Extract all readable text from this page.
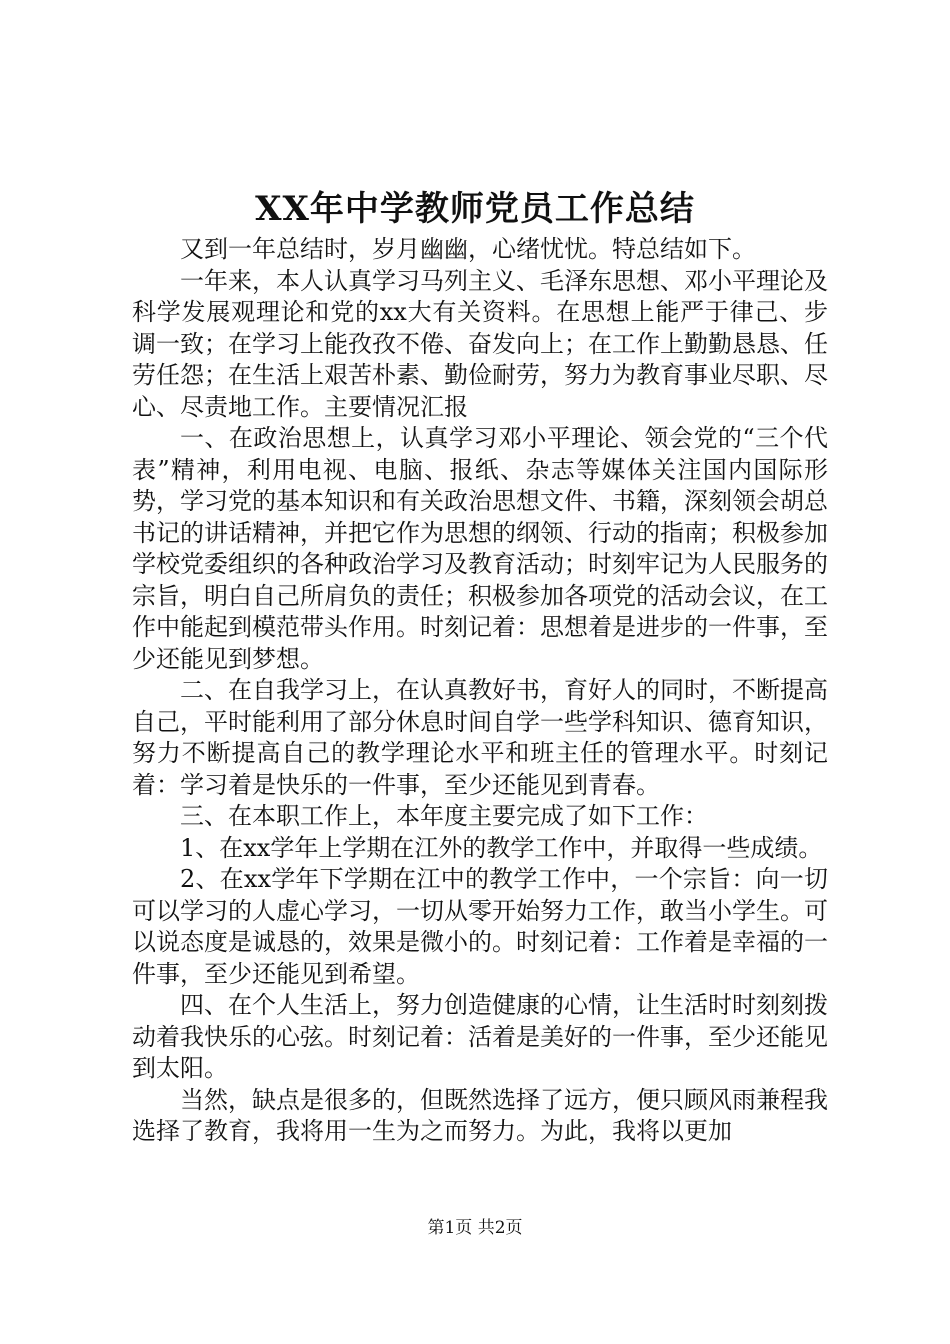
XX年中学教师党员工作总结

又到一年总结时，岁月幽幽，心绪忧忧。特总结如下。

一年来，本人认真学习马列主义、毛泽东思想、邓小平理论及科学发展观理论和党的xx大有关资料。在思想上能严于律己、步调一致；在学习上能孜孜不倦、奋发向上；在工作上勤勤恳恳、任劳任怨；在生活上艰苦朴素、勤俭耐劳，努力为教育事业尽职、尽心、尽责地工作。主要情况汇报

一、在政治思想上，认真学习邓小平理论、领会党的“三个代表”精神，利用电视、电脑、报纸、杂志等媒体关注国内国际形势，学习党的基本知识和有关政治思想文件、书籍，深刻领会胡总书记的讲话精神，并把它作为思想的纲领、行动的指南；积极参加学校党委组织的各种政治学习及教育活动；时刻牢记为人民服务的宗旨，明白自己所肩负的责任；积极参加各项党的活动会议，在工作中能起到模范带头作用。时刻记着：思想着是进步的一件事，至少还能见到梦想。

二、在自我学习上，在认真教好书，育好人的同时，不断提高自己，平时能利用了部分休息时间自学一些学科知识、德育知识，努力不断提高自己的教学理论水平和班主任的管理水平。时刻记着：学习着是快乐的一件事，至少还能见到青春。

三、在本职工作上，本年度主要完成了如下工作：

1、在xx学年上学期在江外的教学工作中，并取得一些成绩。

2、在xx学年下学期在江中的教学工作中，一个宗旨：向一切可以学习的人虚心学习，一切从零开始努力工作，敢当小学生。可以说态度是诚恳的，效果是微小的。时刻记着：工作着是幸福的一件事，至少还能见到希望。

四、在个人生活上，努力创造健康的心情，让生活时时刻刻拨动着我快乐的心弦。时刻记着：活着是美好的一件事，至少还能见到太阳。

当然，缺点是很多的，但既然选择了远方，便只顾风雨兼程我选择了教育，我将用一生为之而努力。为此，我将以更加

第1页 共2页
